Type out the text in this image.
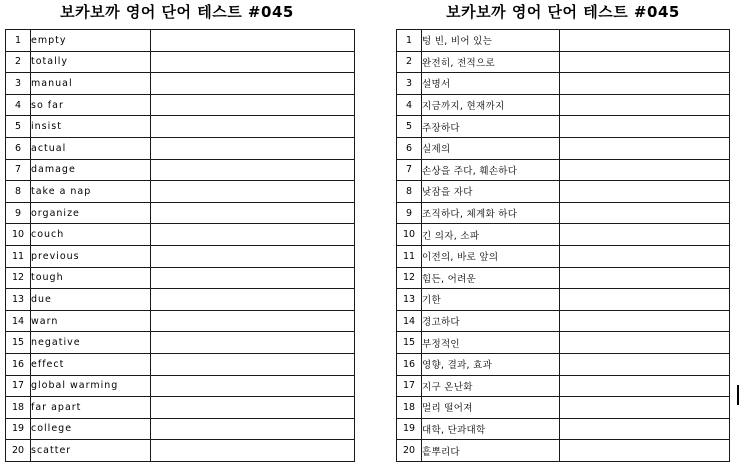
보카보까 영어 단어 테스트 #045
1	empty	
2	totally	
3	manual	
4	so far	
5	insist	
6	actual	
7	damage	
8	take a nap	
9	organize	
10	couch	
11	previous	
12	tough	
13	due	
14	warn	
15	negative	
16	effect	
17	global warming	
18	far apart	
19	college	
20	scatter	
보카보까 영어 단어 테스트 #045
1	텅 빈, 비어 있는	
2	완전히, 전적으로	
3	설명서	
4	지금까지, 현재까지	
5	주장하다	
6	실제의	
7	손상을 주다, 훼손하다	
8	낮잠을 자다	
9	조직하다, 체계화 하다	
10	긴 의자, 소파	
11	이전의, 바로 앞의	
12	힘든, 어려운	
13	기한	
14	경고하다	
15	부정적인	
16	영향, 결과, 효과	
17	지구 온난화	
18	멀리 떨어져	
19	대학, 단과대학	
20	흩뿌리다	
